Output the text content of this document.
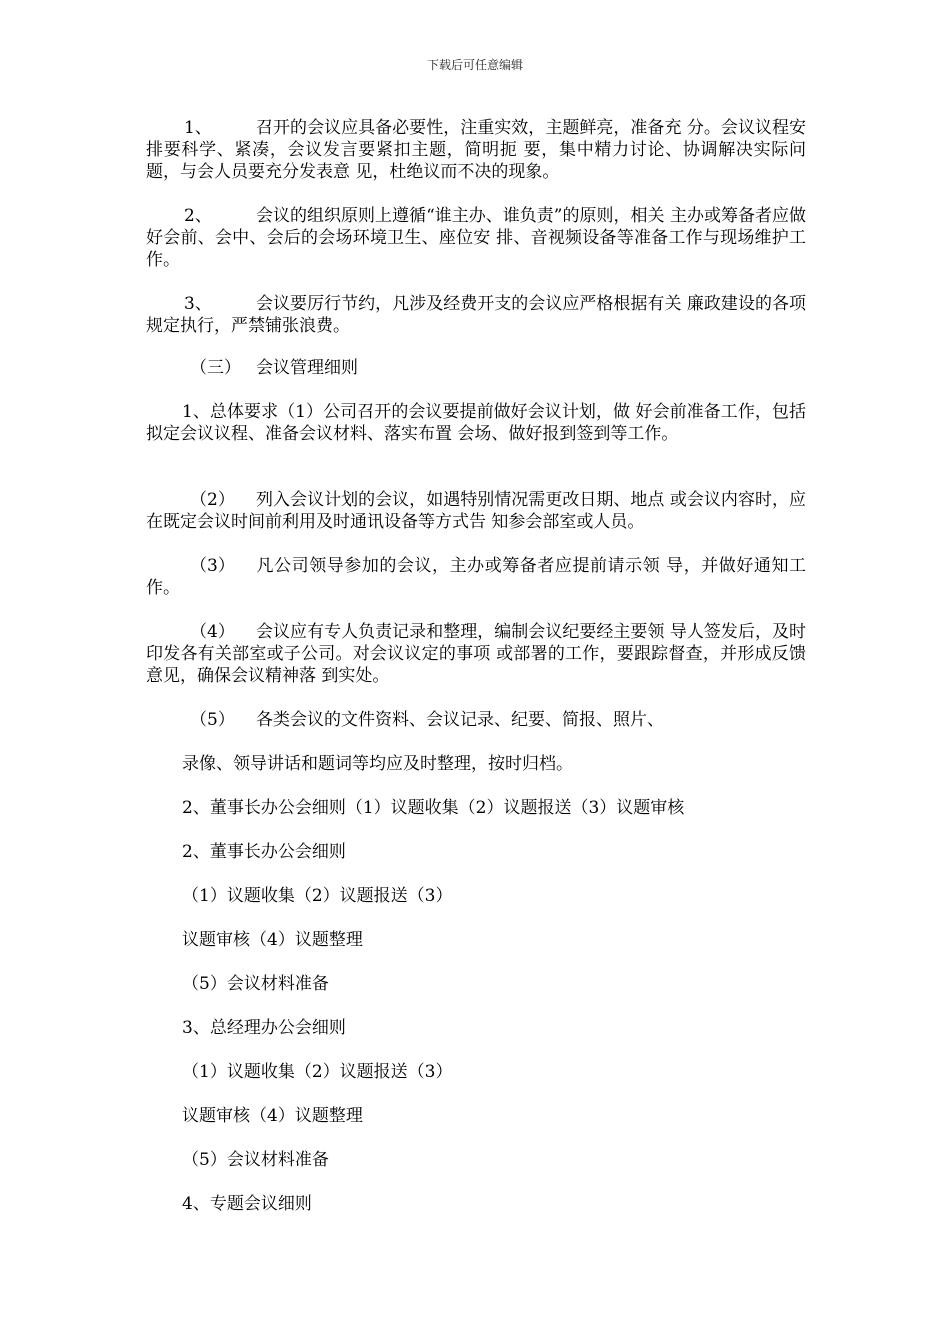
下载后可任意编辑

1、	召开的会议应具备必要性，注重实效，主题鲜亮，准备充 分。会议议程安排要科学、紧凑，会议发言要紧扣主题，简明扼 要，集中精力讨论、协调解决实际问题，与会人员要充分发表意 见，杜绝议而不决的现象。

2、	会议的组织原则上遵循“谁主办、谁负责”的原则，相关 主办或筹备者应做好会前、会中、会后的会场环境卫生、座位安 排、音视频设备等准备工作与现场维护工作。

3、	会议要厉行节约，凡涉及经费开支的会议应严格根据有关 廉政建设的各项规定执行，严禁铺张浪费。

（三） 会议管理细则

1、总体要求（1）公司召开的会议要提前做好会议计划，做 好会前准备工作，包括拟定会议议程、准备会议材料、落实布置 会场、做好报到签到等工作。

（2） 列入会议计划的会议，如遇特别情况需更改日期、地点 或会议内容时，应在既定会议时间前利用及时通讯设备等方式告 知参会部室或人员。

（3） 凡公司领导参加的会议，主办或筹备者应提前请示领 导，并做好通知工作。

（4） 会议应有专人负责记录和整理，编制会议纪要经主要领 导人签发后，及时印发各有关部室或子公司。对会议议定的事项 或部署的工作，要跟踪督查，并形成反馈意见，确保会议精神落 到实处。

（5） 各类会议的文件资料、会议记录、纪要、简报、照片、

录像、领导讲话和题词等均应及时整理，按时归档。

2、董事长办公会细则（1）议题收集（2）议题报送（3）议题审核

2、董事长办公会细则

（1）议题收集（2）议题报送（3）

议题审核（4）议题整理

（5）会议材料准备

3、总经理办公会细则

（1）议题收集（2）议题报送（3）

议题审核（4）议题整理

（5）会议材料准备

4、专题会议细则
